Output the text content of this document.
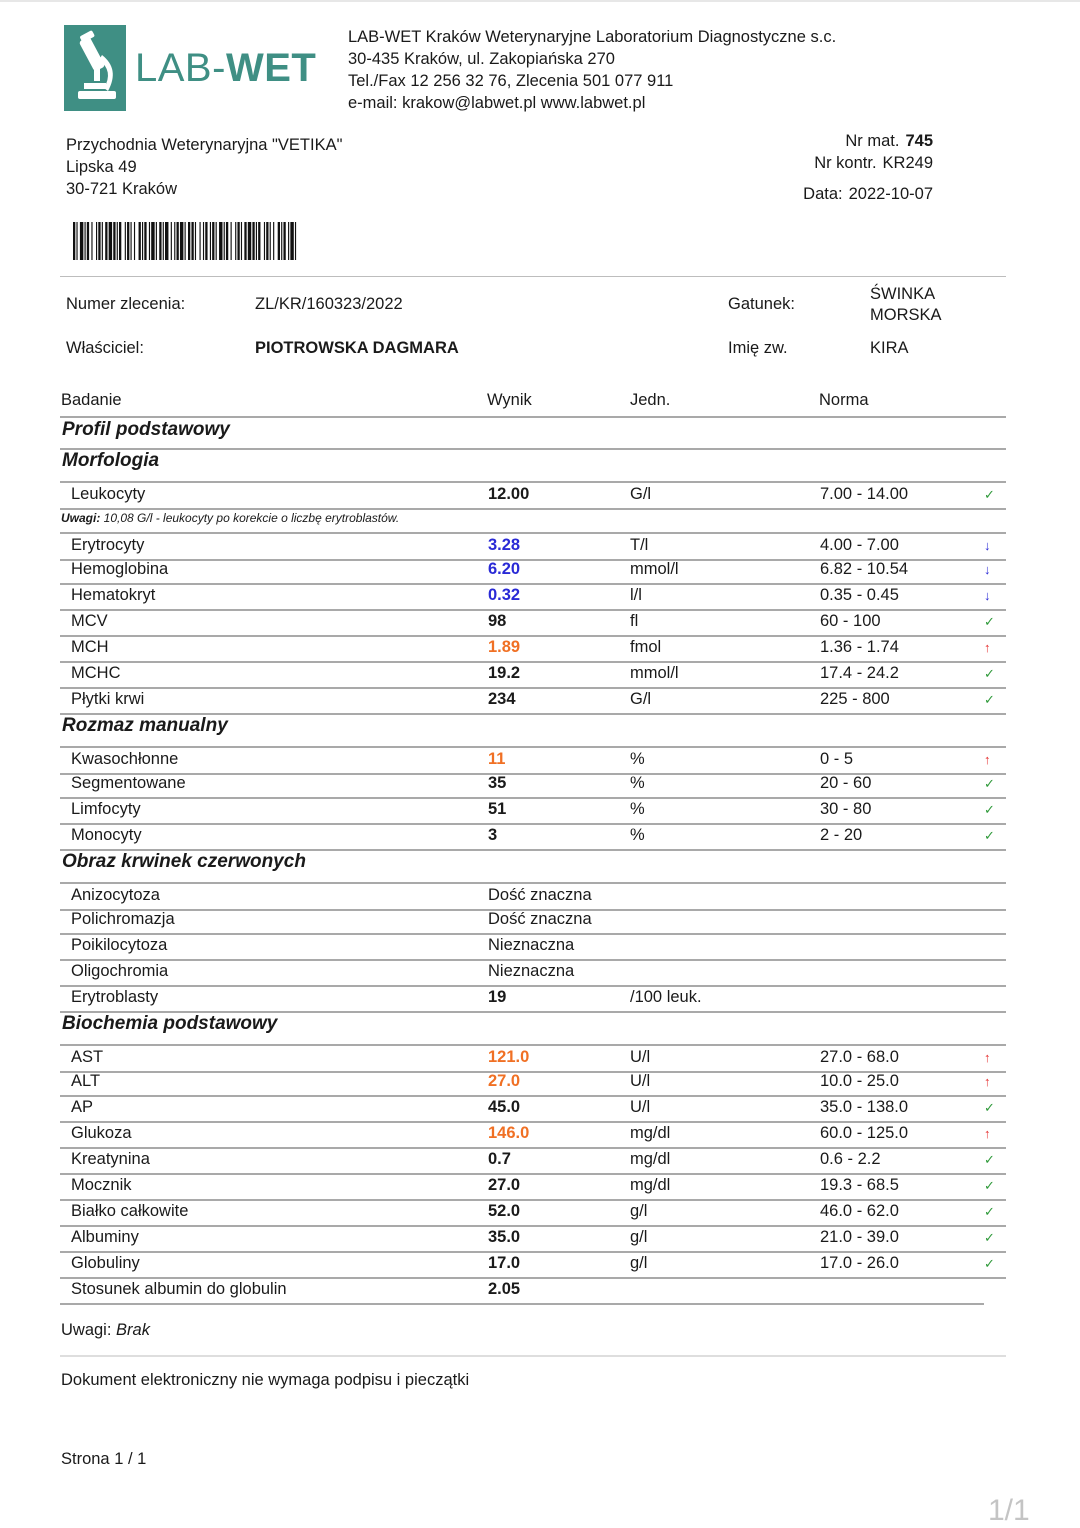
LAB-WET
LAB-WET Kraków Weterynaryjne Laboratorium Diagnostyczne s.c.
30-435 Kraków, ul. Zakopiańska 270
Tel./Fax 12 256 32 76, Zlecenia 501 077 911
e-mail: krakow@labwet.pl www.labwet.pl
Przychodnia Weterynaryjna "VETIKA"
Lipska 49
30-721 Kraków
Nr mat. 745
Nr kontr. KR249
Data: 2022-10-07
Numer zlecenia:	ZL/KR/160323/2022	Gatunek:
ŚWINKA
MORSKA
Właściciel:	PIOTROWSKA DAGMARA	Imię zw.	KIRA
Badanie	Wynik	Jedn.	Norma
Profil podstawowy
Morfologia
Leukocyty	12.00	G/l	7.00 - 14.00	✓
Erytrocyty	3.28	T/l	4.00 - 7.00	↓
Hemoglobina	6.20	mmol/l	6.82 - 10.54	↓
Hematokryt	0.32	l/l	0.35 - 0.45	↓
MCV	98	fl	60 - 100	✓
MCH	1.89	fmol	1.36 - 1.74	↑
MCHC	19.2	mmol/l	17.4 - 24.2	✓
Płytki krwi	234	G/l	225 - 800	✓
Rozmaz manualny
Kwasochłonne	11	%	0 - 5	↑
Segmentowane	35	%	20 - 60	✓
Limfocyty	51	%	30 - 80	✓
Monocyty	3	%	2 - 20	✓
Obraz krwinek czerwonych
Anizocytoza	Dość znaczna
Polichromazja	Dość znaczna
Poikilocytoza	Nieznaczna
Oligochromia	Nieznaczna
Erytroblasty	19	/100 leuk.
Biochemia podstawowy
AST	121.0	U/l	27.0 - 68.0	↑
ALT	27.0	U/l	10.0 - 25.0	↑
AP	45.0	U/l	35.0 - 138.0	✓
Glukoza	146.0	mg/dl	60.0 - 125.0	↑
Kreatynina	0.7	mg/dl	0.6 - 2.2	✓
Mocznik	27.0	mg/dl	19.3 - 68.5	✓
Białko całkowite	52.0	g/l	46.0 - 62.0	✓
Albuminy	35.0	g/l	21.0 - 39.0	✓
Globuliny	17.0	g/l	17.0 - 26.0	✓
Stosunek albumin do globulin	2.05
Uwagi: 10,08 G/l - leukocyty po korekcie o liczbę erytroblastów.
Uwagi: Brak
Dokument elektroniczny nie wymaga podpisu i pieczątki
Strona 1 / 1
1/1
